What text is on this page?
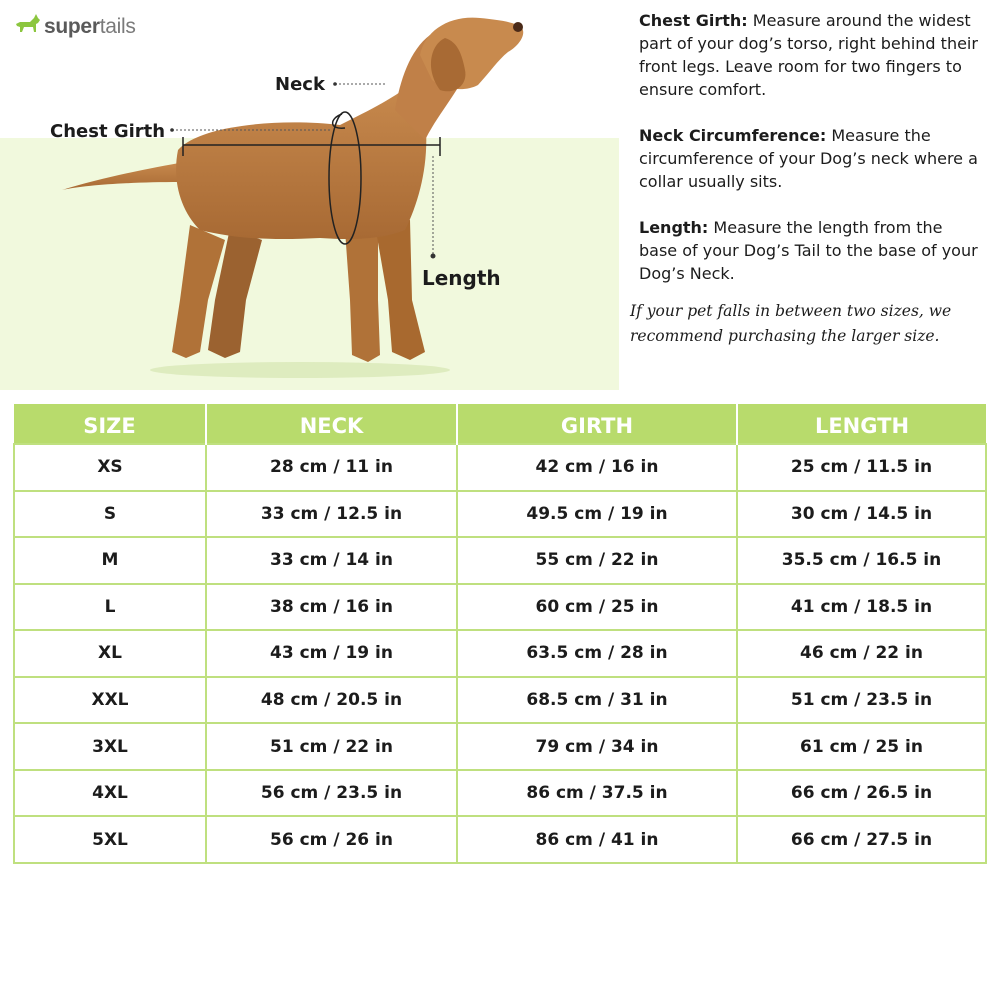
supertails
Neck
Chest Girth
Length

Chest Girth: Measure around the widest part of your dog’s torso, right behind their front legs. Leave room for two fingers to ensure comfort.

Neck Circumference: Measure the circumference of your Dog’s neck where a collar usually sits.

Length: Measure the length from the base of your Dog’s Tail to the base of your Dog’s Neck.

If your pet falls in between two sizes, we recommend purchasing the larger size.
SIZE	NECK	GIRTH	LENGTH
XS	28 cm / 11 in	42 cm / 16 in	25 cm / 11.5 in
S	33 cm / 12.5 in	49.5 cm / 19 in	30 cm / 14.5 in
M	33 cm / 14 in	55 cm / 22 in	35.5 cm / 16.5 in
L	38 cm / 16 in	60 cm / 25 in	41 cm / 18.5 in
XL	43 cm / 19 in	63.5 cm / 28 in	46 cm / 22 in
XXL	48 cm / 20.5 in	68.5 cm / 31 in	51 cm / 23.5 in
3XL	51 cm / 22 in	79 cm / 34 in	61 cm / 25 in
4XL	56 cm / 23.5 in	86 cm / 37.5 in	66 cm / 26.5 in
5XL	56 cm / 26 in	86 cm / 41 in	66 cm / 27.5 in
